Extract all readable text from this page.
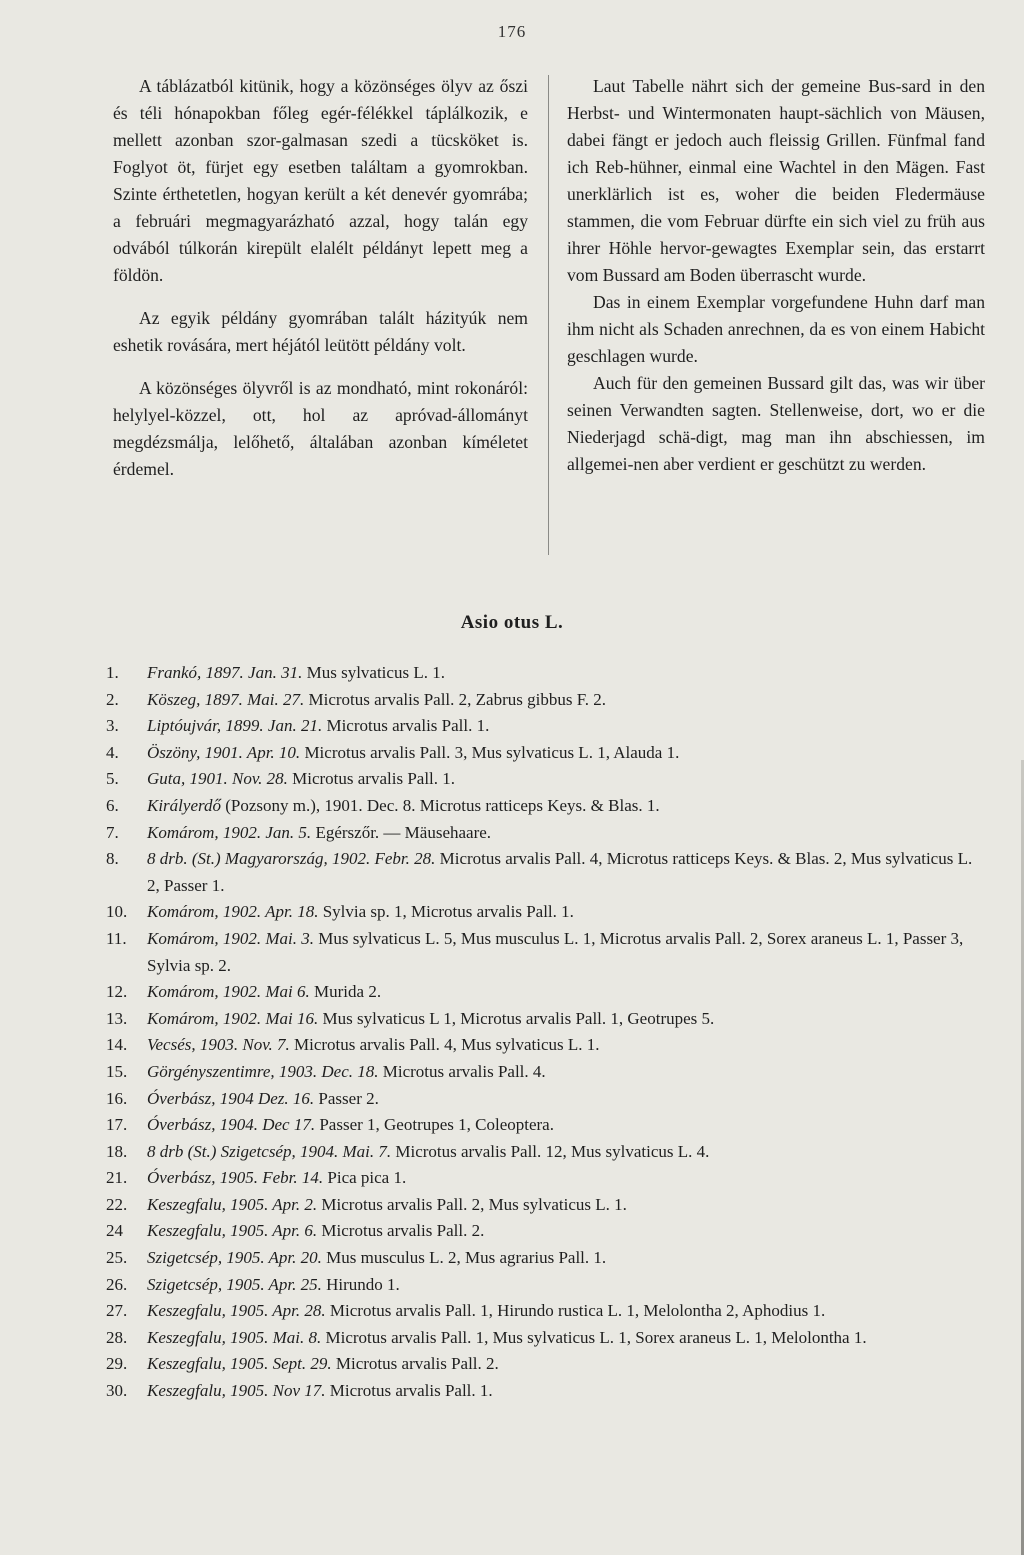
176

A táblázatból kitünik, hogy a közönséges ölyv az őszi és téli hónapokban főleg egér-félékkel táplálkozik, e mellett azonban szor-galmasan szedi a tücsköket is. Foglyot öt, fürjet egy esetben találtam a gyomrokban. Szinte érthetetlen, hogyan került a két denevér gyomrába; a februári megmagyarázható azzal, hogy talán egy odvából túlkorán kirepült elalélt példányt lepett meg a földön.

Az egyik példány gyomrában talált házityúk nem eshetik rovására, mert héjától leütött példány volt.

A közönséges ölyvről is az mondható, mint rokonáról: helylyel-közzel, ott, hol az apróvad-állományt megdézsmálja, lelőhető, általában azonban kíméletet érdemel.

Laut Tabelle nährt sich der gemeine Bus-sard in den Herbst- und Wintermonaten haupt-sächlich von Mäusen, dabei fängt er jedoch auch fleissig Grillen. Fünfmal fand ich Reb-hühner, einmal eine Wachtel in den Mägen. Fast unerklärlich ist es, woher die beiden Fledermäuse stammen, die vom Februar dürfte ein sich viel zu früh aus ihrer Höhle hervor-gewagtes Exemplar sein, das erstarrt vom Bussard am Boden überrascht wurde.

Das in einem Exemplar vorgefundene Huhn darf man ihm nicht als Schaden anrechnen, da es von einem Habicht geschlagen wurde.

Auch für den gemeinen Bussard gilt das, was wir über seinen Verwandten sagten. Stellenweise, dort, wo er die Niederjagd schä-digt, mag man ihn abschiessen, im allgemei-nen aber verdient er geschützt zu werden.

Asio otus L.
1.	Frankó, 1897. Jan. 31. Mus sylvaticus L. 1.
2.	Köszeg, 1897. Mai. 27. Microtus arvalis Pall. 2, Zabrus gibbus F. 2.
3.	Liptóujvár, 1899. Jan. 21. Microtus arvalis Pall. 1.
4.	Öszöny, 1901. Apr. 10. Microtus arvalis Pall. 3, Mus sylvaticus L. 1, Alauda 1.
5.	Guta, 1901. Nov. 28. Microtus arvalis Pall. 1.
6.	Királyerdő (Pozsony m.), 1901. Dec. 8. Microtus ratticeps Keys. & Blas. 1.
7.	Komárom, 1902. Jan. 5. Egérszőr. — Mäusehaare.
8.	8 drb. (St.) Magyarország, 1902. Febr. 28. Microtus arvalis Pall. 4, Microtus ratticeps Keys. & Blas. 2, Mus sylvaticus L. 2, Passer 1.
10.	Komárom, 1902. Apr. 18. Sylvia sp. 1, Microtus arvalis Pall. 1.
11.	Komárom, 1902. Mai. 3. Mus sylvaticus L. 5, Mus musculus L. 1, Microtus arvalis Pall. 2, Sorex araneus L. 1, Passer 3, Sylvia sp. 2.
12.	Komárom, 1902. Mai 6. Murida 2.
13.	Komárom, 1902. Mai 16. Mus sylvaticus L 1, Microtus arvalis Pall. 1, Geotrupes 5.
14.	Vecsés, 1903. Nov. 7. Microtus arvalis Pall. 4, Mus sylvaticus L. 1.
15.	Görgényszentimre, 1903. Dec. 18. Microtus arvalis Pall. 4.
16.	Óverbász, 1904 Dez. 16. Passer 2.
17.	Óverbász, 1904. Dec 17. Passer 1, Geotrupes 1, Coleoptera.
18.	8 drb (St.) Szigetcsép, 1904. Mai. 7. Microtus arvalis Pall. 12, Mus sylvaticus L. 4.
21.	Óverbász, 1905. Febr. 14. Pica pica 1.
22.	Keszegfalu, 1905. Apr. 2. Microtus arvalis Pall. 2, Mus sylvaticus L. 1.
24	Keszegfalu, 1905. Apr. 6. Microtus arvalis Pall. 2.
25.	Szigetcsép, 1905. Apr. 20. Mus musculus L. 2, Mus agrarius Pall. 1.
26.	Szigetcsép, 1905. Apr. 25. Hirundo 1.
27.	Keszegfalu, 1905. Apr. 28. Microtus arvalis Pall. 1, Hirundo rustica L. 1, Melolontha 2, Aphodius 1.
28.	Keszegfalu, 1905. Mai. 8. Microtus arvalis Pall. 1, Mus sylvaticus L. 1, Sorex araneus L. 1, Melolontha 1.
29.	Keszegfalu, 1905. Sept. 29. Microtus arvalis Pall. 2.
30.	Keszegfalu, 1905. Nov 17. Microtus arvalis Pall. 1.
